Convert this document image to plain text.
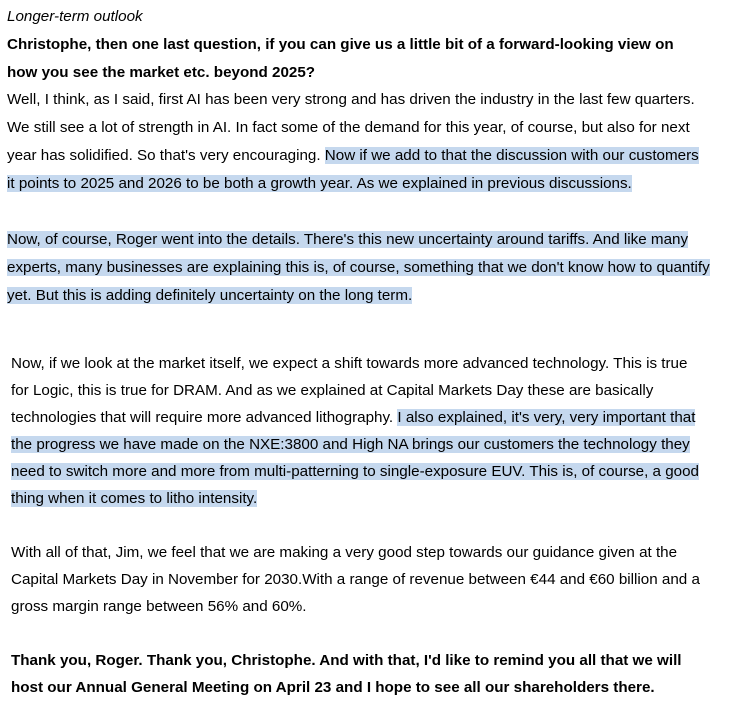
Longer-term outlook
Christophe, then one last question, if you can give us a little bit of a forward-looking view on
how you see the market etc. beyond 2025?
Well, I think, as I said, first AI has been very strong and has driven the industry in the last few quarters.
We still see a lot of strength in AI. In fact some of the demand for this year, of course, but also for next
year has solidified. So that's very encouraging. Now if we add to that the discussion with our customers
it points to 2025 and 2026 to be both a growth year. As we explained in previous discussions.
Now, of course, Roger went into the details. There's this new uncertainty around tariffs. And like many
experts, many businesses are explaining this is, of course, something that we don't know how to quantify
yet. But this is adding definitely uncertainty on the long term.
Now, if we look at the market itself, we expect a shift towards more advanced technology. This is true
for Logic, this is true for DRAM. And as we explained at Capital Markets Day these are basically
technologies that will require more advanced lithography. I also explained, it's very, very important that
the progress we have made on the NXE:3800 and High NA brings our customers the technology they
need to switch more and more from multi-patterning to single-exposure EUV. This is, of course, a good
thing when it comes to litho intensity.
With all of that, Jim, we feel that we are making a very good step towards our guidance given at the
Capital Markets Day in November for 2030.With a range of revenue between €44 and €60 billion and a
gross margin range between 56% and 60%.
Thank you, Roger. Thank you, Christophe. And with that, I'd like to remind you all that we will
host our Annual General Meeting on April 23 and I hope to see all our shareholders there.
